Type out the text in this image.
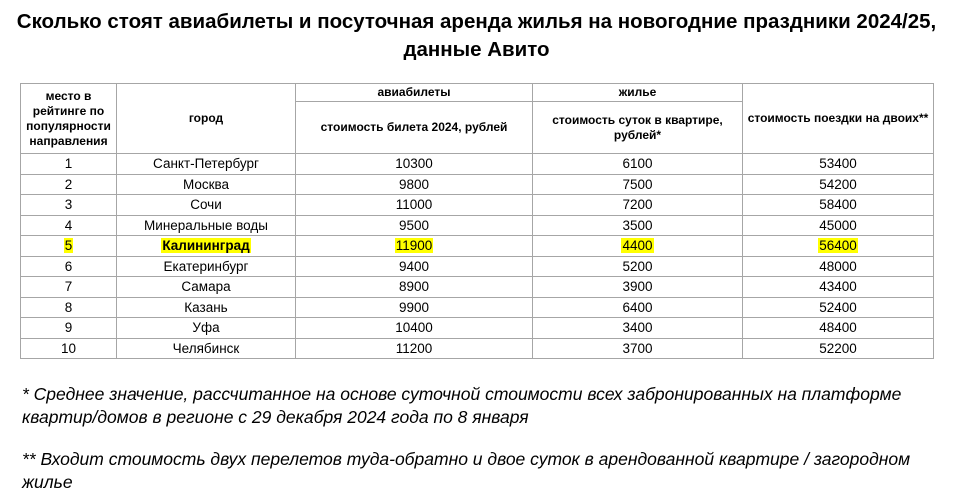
Сколько стоят авиабилеты и посуточная аренда жилья на новогодние праздники 2024/25,
данные Авито
место в рейтинге по популярности направления	город	авиабилеты	жилье	стоимость поездки на двоих**
		стоимость билета 2024, рублей	стоимость суток в квартире, рублей*	
1	Санкт-Петербург	10300	6100	53400
2	Москва	9800	7500	54200
3	Сочи	11000	7200	58400
4	Минеральные воды	9500	3500	45000
5	Калининград	11900	4400	56400
6	Екатеринбург	9400	5200	48000
7	Самара	8900	3900	43400
8	Казань	9900	6400	52400
9	Уфа	10400	3400	48400
10	Челябинск	11200	3700	52200
* Среднее значение, рассчитанное на основе суточной стоимости всех забронированных на платформе квартир/домов в регионе с 29 декабря 2024 года по 8 января
** Входит стоимость двух перелетов туда-обратно и двое суток в арендованной квартире / загородном жилье
